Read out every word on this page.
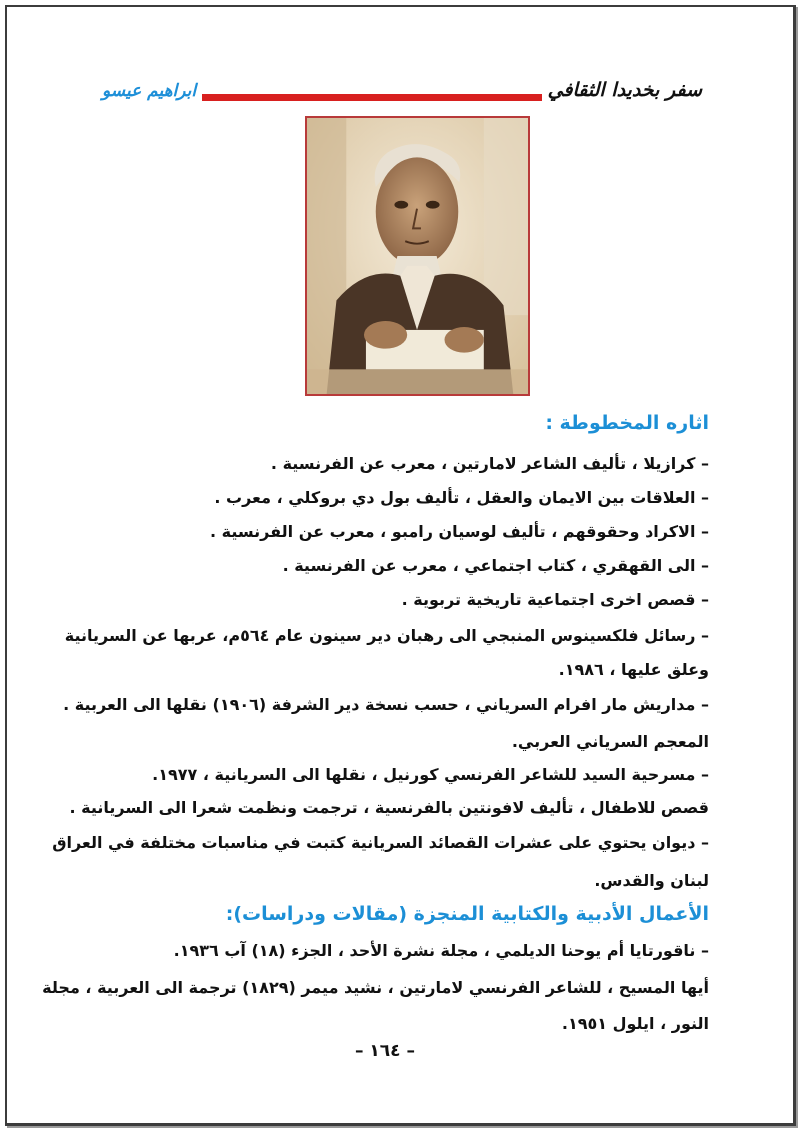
سفر بخديدا الثقافي
ابراهيم عيسو
اثاره المخطوطة :
– كرازيلا ، تأليف الشاعر لامارتين ، معرب عن الفرنسية .
– العلاقات بين الايمان والعقل ، تأليف بول دي بروكلي ، معرب .
– الاكراد وحقوقهم ، تأليف لوسيان رامبو ، معرب عن الفرنسية .
– الى القهقري ، كتاب اجتماعي ، معرب عن الفرنسية .
– قصص اخرى اجتماعية تاريخية تربوية .
– رسائل فلكسينوس المنبجي الى رهبان دير سينون عام ٥٦٤م، عربها عن السريانية
وعلق عليها ، ١٩٨٦.
– مداريش مار افرام السرياني ، حسب نسخة دير الشرفة (١٩٠٦) نقلها الى العربية .
المعجم السرياني العربي.
– مسرحية السيد للشاعر الفرنسي كورنيل ، نقلها الى السريانية ، ١٩٧٧.
قصص للاطفال ، تأليف لافونتين بالفرنسية ، ترجمت ونظمت شعرا الى السريانية .
– ديوان يحتوي على عشرات القصائد السريانية كتبت في مناسبات مختلفة في العراق
لبنان والقدس.
الأعمال الأدبية والكتابية المنجزة (مقالات ودراسات):
– ناقورتايا أم يوحنا الديلمي ، مجلة نشرة الأحد ، الجزء (١٨) آب ١٩٣٦.
أيها المسيح ، للشاعر الفرنسي لامارتين ، نشيد ميمر (١٨٢٩) ترجمة الى العربية ، مجلة
النور ، ايلول ١٩٥١.
– ١٦٤ –
